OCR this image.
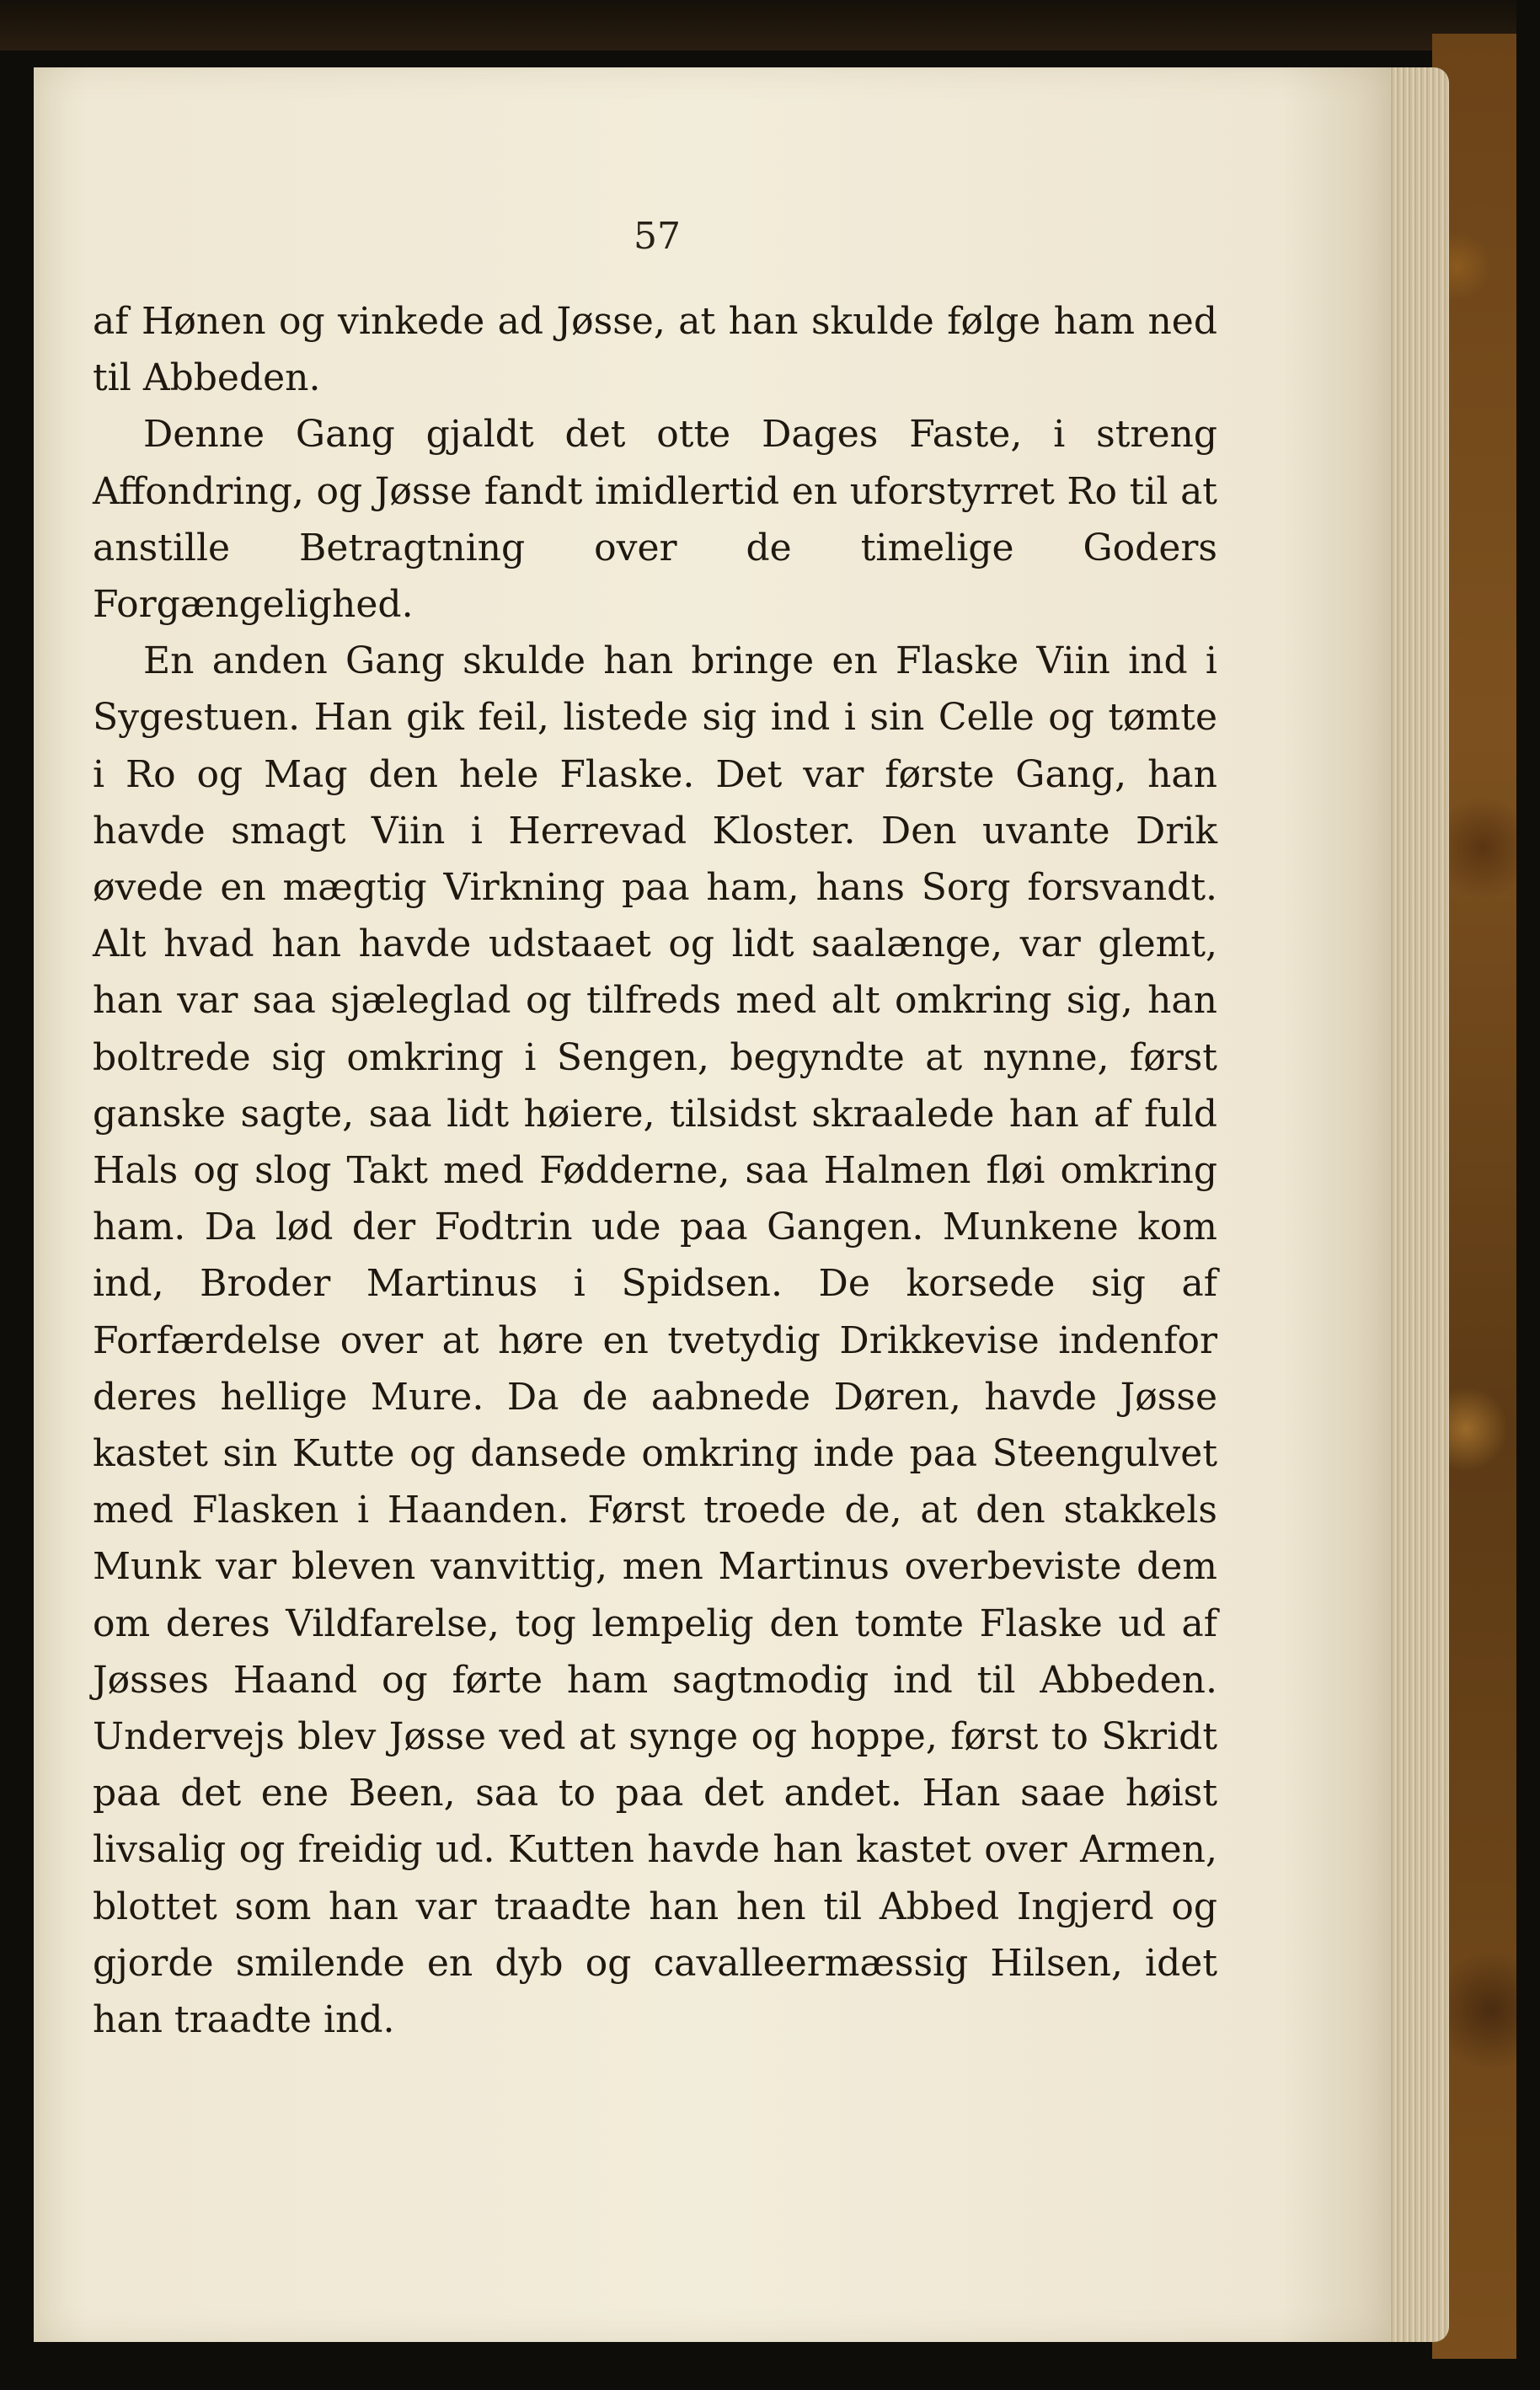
57

af Hønen og vinkede ad Jøsse, at han skulde følge ham ned til Abbeden.

Denne Gang gjaldt det otte Dages Faste, i streng Affondring, og Jøsse fandt imidlertid en uforstyrret Ro til at anstille Betragtning over de timelige Goders Forgængelighed.

En anden Gang skulde han bringe en Flaske Viin ind i Sygestuen. Han gik feil, listede sig ind i sin Celle og tømte i Ro og Mag den hele Flaske. Det var første Gang, han havde smagt Viin i Herrevad Kloster. Den uvante Drik øvede en mægtig Virkning paa ham, hans Sorg forsvandt. Alt hvad han havde udstaaet og lidt saalænge, var glemt, han var saa sjæleglad og tilfreds med alt omkring sig, han boltrede sig omkring i Sengen, begyndte at nynne, først ganske sagte, saa lidt høiere, tilsidst skraalede han af fuld Hals og slog Takt med Fødderne, saa Halmen fløi omkring ham. Da lød der Fodtrin ude paa Gangen. Munkene kom ind, Broder Martinus i Spidsen. De korsede sig af Forfærdelse over at høre en tvetydig Drikkevise indenfor deres hellige Mure. Da de aabnede Døren, havde Jøsse kastet sin Kutte og dansede omkring inde paa Steengulvet med Flasken i Haanden. Først troede de, at den stakkels Munk var bleven vanvittig, men Martinus overbeviste dem om deres Vildfarelse, tog lempelig den tomte Flaske ud af Jøsses Haand og førte ham sagtmodig ind til Abbeden. Undervejs blev Jøsse ved at synge og hoppe, først to Skridt paa det ene Been, saa to paa det andet. Han saae høist livsalig og freidig ud. Kutten havde han kastet over Armen, blottet som han var traadte han hen til Abbed Ingjerd og gjorde smilende en dyb og cavalleermæssig Hilsen, idet han traadte ind.
